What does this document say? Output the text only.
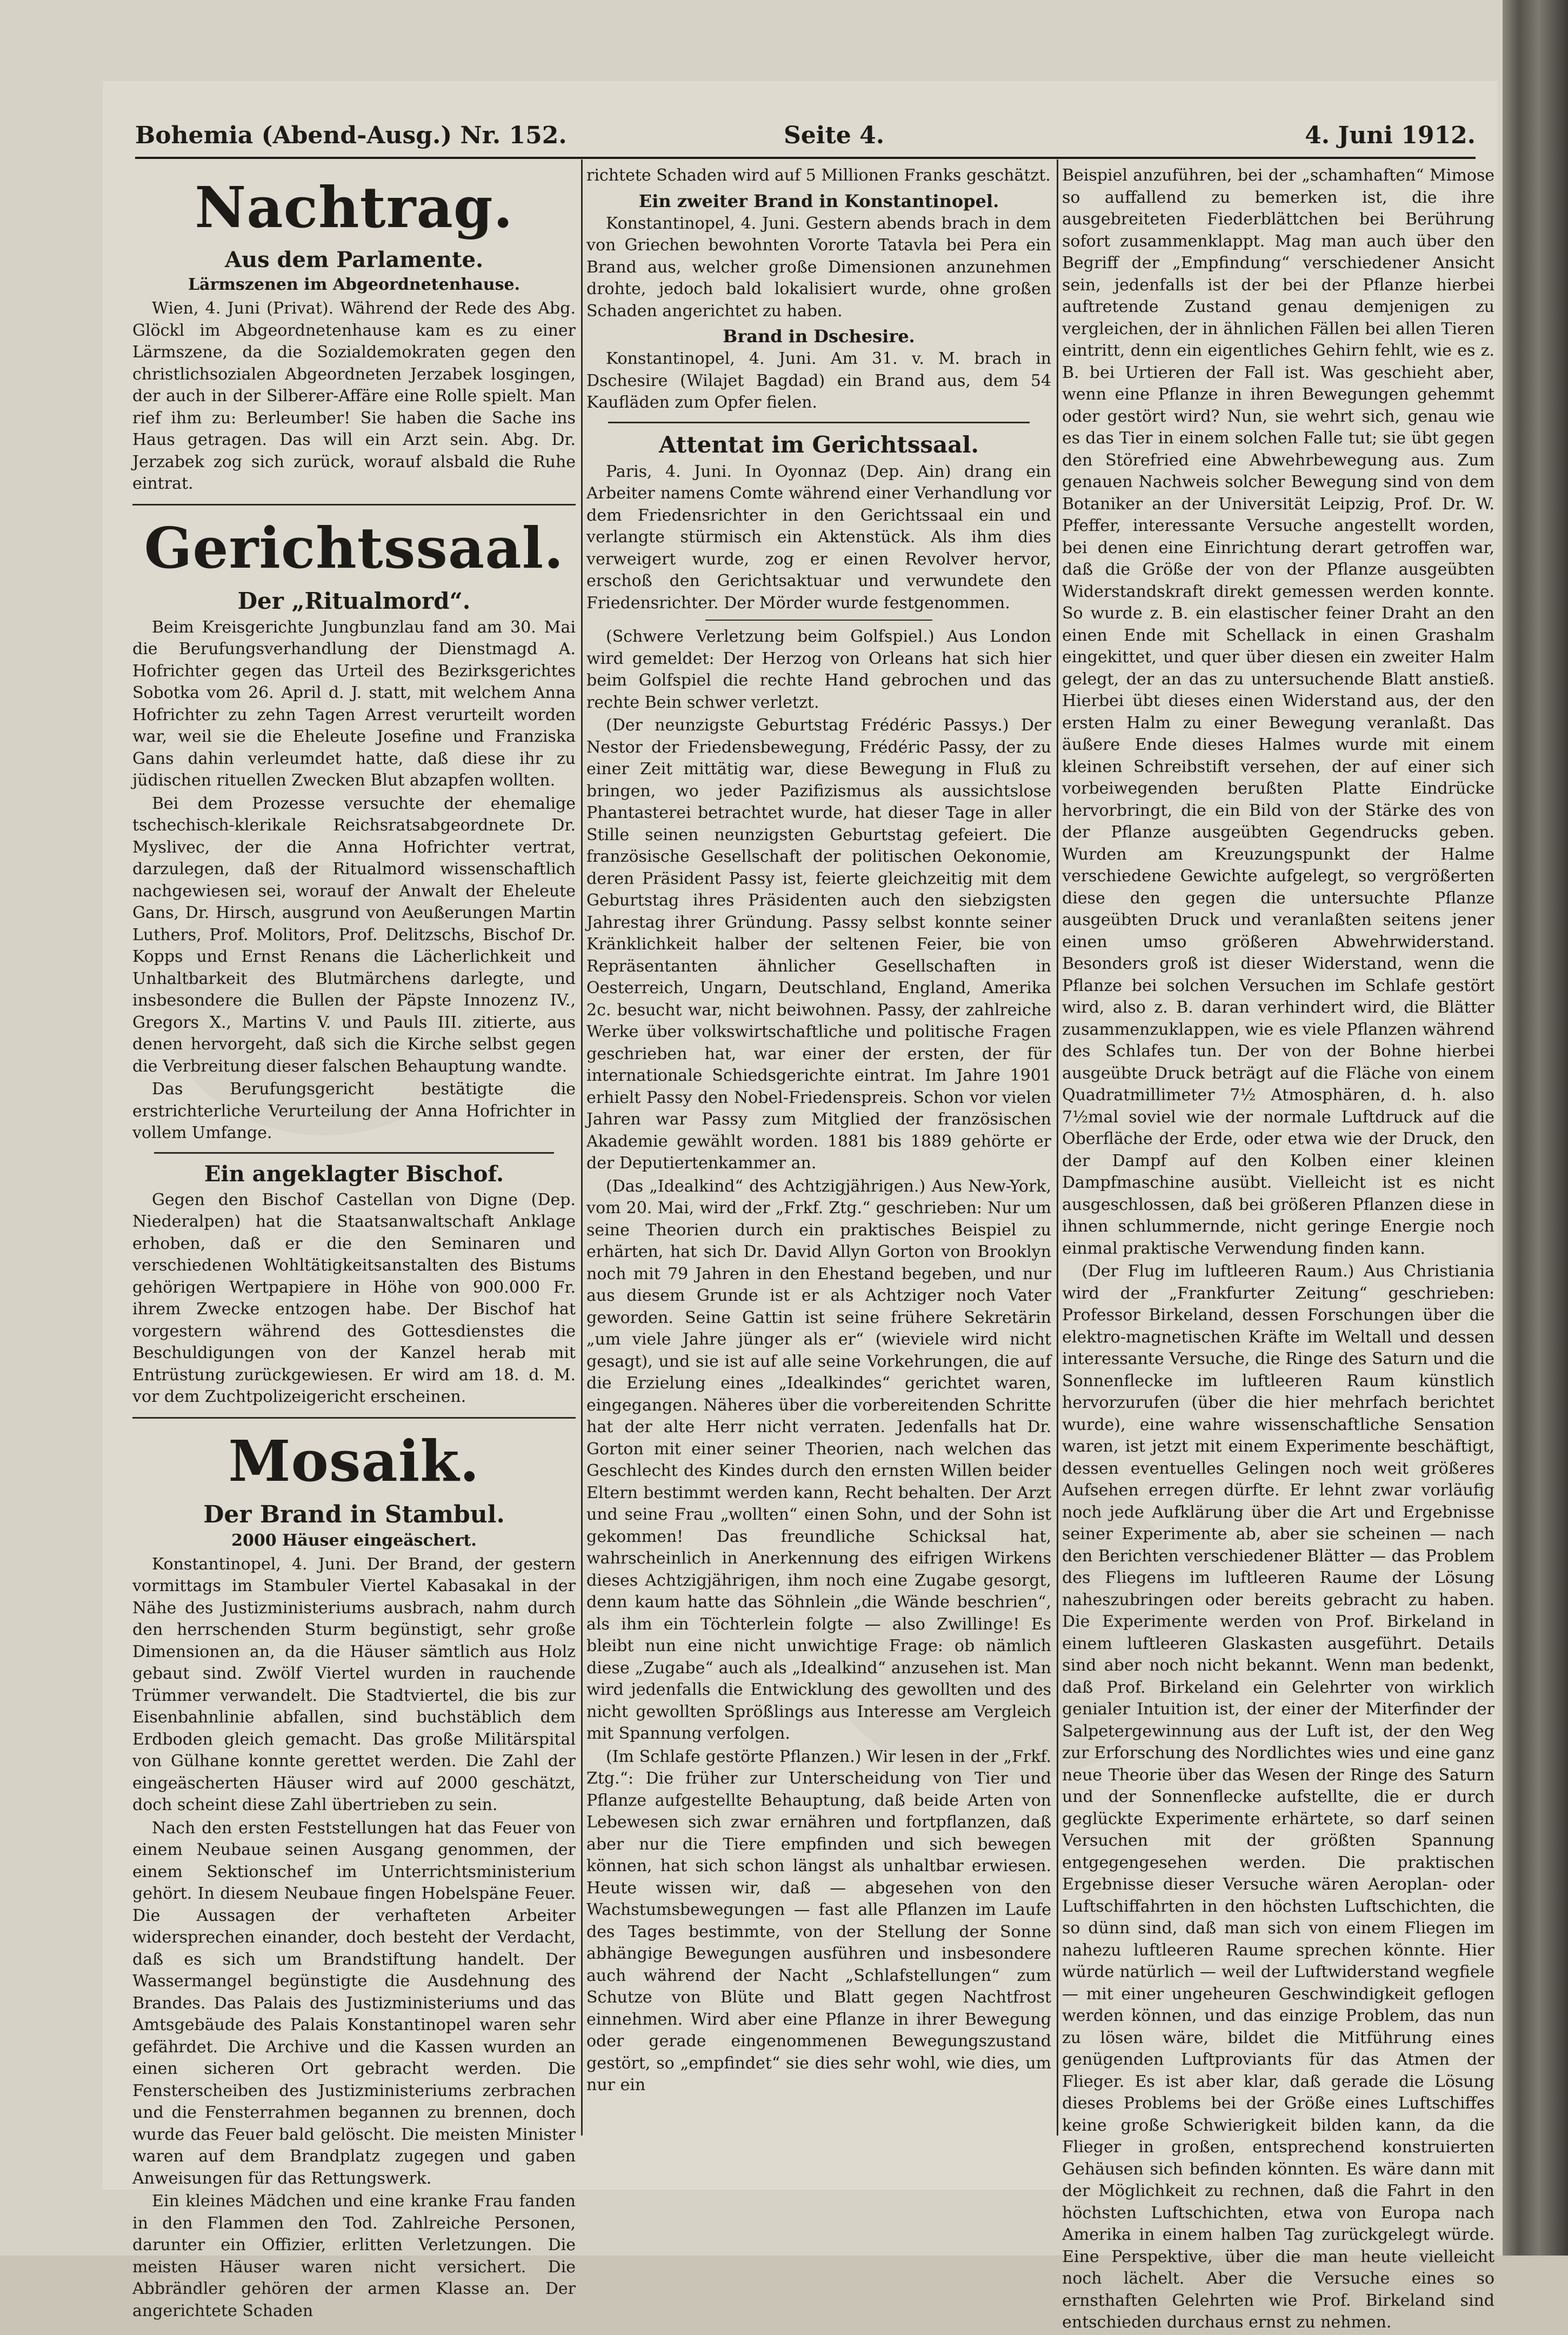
Bohemia (Abend-Ausg.) Nr. 152.	Seite 4.	4. Juni 1912.
Nachtrag.
Aus dem Parlamente.
Lärmszenen im Abgeordnetenhause.

Wien, 4. Juni (Privat). Während der Rede des Abg. Glöckl im Abgeordnetenhause kam es zu einer Lärmszene, da die Sozialdemokraten gegen den christlichsozialen Abgeordneten Jerzabek losgingen, der auch in der Silberer-Affäre eine Rolle spielt. Man rief ihm zu: Berleumber! Sie haben die Sache ins Haus getragen. Das will ein Arzt sein. Abg. Dr. Jerzabek zog sich zurück, worauf alsbald die Ruhe eintrat.

Gerichtssaal.
Der „Ritualmord“.

Beim Kreisgerichte Jungbunzlau fand am 30. Mai die Berufungsverhandlung der Dienstmagd A. Hofrichter gegen das Urteil des Bezirksgerichtes Sobotka vom 26. April d. J. statt, mit welchem Anna Hofrichter zu zehn Tagen Arrest verurteilt worden war, weil sie die Eheleute Josefine und Franziska Gans dahin verleumdet hatte, daß diese ihr zu jüdischen rituellen Zwecken Blut abzapfen wollten.

Bei dem Prozesse versuchte der ehemalige tschechisch-klerikale Reichsratsabgeordnete Dr. Myslivec, der die Anna Hofrichter vertrat, darzulegen, daß der Ritualmord wissenschaftlich nachgewiesen sei, worauf der Anwalt der Eheleute Gans, Dr. Hirsch, ausgrund von Aeußerungen Martin Luthers, Prof. Molitors, Prof. Delitzschs, Bischof Dr. Kopps und Ernst Renans die Lächerlichkeit und Unhaltbarkeit des Blutmärchens darlegte, und insbesondere die Bullen der Päpste Innozenz IV., Gregors X., Martins V. und Pauls III. zitierte, aus denen hervorgeht, daß sich die Kirche selbst gegen die Verbreitung dieser falschen Behauptung wandte.

Das Berufungsgericht bestätigte die erstrichterliche Verurteilung der Anna Hofrichter in vollem Umfange.

Ein angeklagter Bischof.

Gegen den Bischof Castellan von Digne (Dep. Niederalpen) hat die Staatsanwaltschaft Anklage erhoben, daß er die den Seminaren und verschiedenen Wohltätigkeitsanstalten des Bistums gehörigen Wertpapiere in Höhe von 900.000 Fr. ihrem Zwecke entzogen habe. Der Bischof hat vorgestern während des Gottesdienstes die Beschuldigungen von der Kanzel herab mit Entrüstung zurückgewiesen. Er wird am 18. d. M. vor dem Zuchtpolizeigericht erscheinen.

Mosaik.
Der Brand in Stambul.
2000 Häuser eingeäschert.

Konstantinopel, 4. Juni. Der Brand, der gestern vormittags im Stambuler Viertel Kabasakal in der Nähe des Justizministeriums ausbrach, nahm durch den herrschenden Sturm begünstigt, sehr große Dimensionen an, da die Häuser sämtlich aus Holz gebaut sind. Zwölf Viertel wurden in rauchende Trümmer verwandelt. Die Stadtviertel, die bis zur Eisenbahnlinie abfallen, sind buchstäblich dem Erdboden gleich gemacht. Das große Militärspital von Gülhane konnte gerettet werden. Die Zahl der eingeäscherten Häuser wird auf 2000 geschätzt, doch scheint diese Zahl übertrieben zu sein.

Nach den ersten Feststellungen hat das Feuer von einem Neubaue seinen Ausgang genommen, der einem Sektionschef im Unterrichtsministerium gehört. In diesem Neubaue fingen Hobelspäne Feuer. Die Aussagen der verhafteten Arbeiter widersprechen einander, doch besteht der Verdacht, daß es sich um Brandstiftung handelt. Der Wassermangel begünstigte die Ausdehnung des Brandes. Das Palais des Justizministeriums und das Amtsgebäude des Palais Konstantinopel waren sehr gefährdet. Die Archive und die Kassen wurden an einen sicheren Ort gebracht werden. Die Fensterscheiben des Justizministeriums zerbrachen und die Fensterrahmen begannen zu brennen, doch wurde das Feuer bald gelöscht. Die meisten Minister waren auf dem Brandplatz zugegen und gaben Anweisungen für das Rettungswerk.

Ein kleines Mädchen und eine kranke Frau fanden in den Flammen den Tod. Zahlreiche Personen, darunter ein Offizier, erlitten Verletzungen. Die meisten Häuser waren nicht versichert. Die Abbrändler gehören der armen Klasse an. Der angerichtete Schaden

richtete Schaden wird auf 5 Millionen Franks geschätzt.

Ein zweiter Brand in Konstantinopel.

Konstantinopel, 4. Juni. Gestern abends brach in dem von Griechen bewohnten Vororte Tatavla bei Pera ein Brand aus, welcher große Dimensionen anzunehmen drohte, jedoch bald lokalisiert wurde, ohne großen Schaden angerichtet zu haben.

Brand in Dschesire.

Konstantinopel, 4. Juni. Am 31. v. M. brach in Dschesire (Wilajet Bagdad) ein Brand aus, dem 54 Kaufläden zum Opfer fielen.

Attentat im Gerichtssaal.

Paris, 4. Juni. In Oyonnaz (Dep. Ain) drang ein Arbeiter namens Comte während einer Verhandlung vor dem Friedensrichter in den Gerichtssaal ein und verlangte stürmisch ein Aktenstück. Als ihm dies verweigert wurde, zog er einen Revolver hervor, erschoß den Gerichtsaktuar und verwundete den Friedensrichter. Der Mörder wurde festgenommen.

(Schwere Verletzung beim Golfspiel.) Aus London wird gemeldet: Der Herzog von Orleans hat sich hier beim Golfspiel die rechte Hand gebrochen und das rechte Bein schwer verletzt.

(Der neunzigste Geburtstag Frédéric Passys.) Der Nestor der Friedensbewegung, Frédéric Passy, der zu einer Zeit mittätig war, diese Bewegung in Fluß zu bringen, wo jeder Pazifizismus als aussichtslose Phantasterei betrachtet wurde, hat dieser Tage in aller Stille seinen neunzigsten Geburtstag gefeiert. Die französische Gesellschaft der politischen Oekonomie, deren Präsident Passy ist, feierte gleichzeitig mit dem Geburtstag ihres Präsidenten auch den siebzigsten Jahrestag ihrer Gründung. Passy selbst konnte seiner Kränklichkeit halber der seltenen Feier, bie von Repräsentanten ähnlicher Gesellschaften in Oesterreich, Ungarn, Deutschland, England, Amerika 2c. besucht war, nicht beiwohnen. Passy, der zahlreiche Werke über volkswirtschaftliche und politische Fragen geschrieben hat, war einer der ersten, der für internationale Schiedsgerichte eintrat. Im Jahre 1901 erhielt Passy den Nobel-Friedenspreis. Schon vor vielen Jahren war Passy zum Mitglied der französischen Akademie gewählt worden. 1881 bis 1889 gehörte er der Deputiertenkammer an.

(Das „Idealkind“ des Achtzigjährigen.) Aus New-York, vom 20. Mai, wird der „Frkf. Ztg.“ geschrieben: Nur um seine Theorien durch ein praktisches Beispiel zu erhärten, hat sich Dr. David Allyn Gorton von Brooklyn noch mit 79 Jahren in den Ehestand begeben, und nur aus diesem Grunde ist er als Achtziger noch Vater geworden. Seine Gattin ist seine frühere Sekretärin „um viele Jahre jünger als er“ (wieviele wird nicht gesagt), und sie ist auf alle seine Vorkehrungen, die auf die Erzielung eines „Idealkindes“ gerichtet waren, eingegangen. Näheres über die vorbereitenden Schritte hat der alte Herr nicht verraten. Jedenfalls hat Dr. Gorton mit einer seiner Theorien, nach welchen das Geschlecht des Kindes durch den ernsten Willen beider Eltern bestimmt werden kann, Recht behalten. Der Arzt und seine Frau „wollten“ einen Sohn, und der Sohn ist gekommen! Das freundliche Schicksal hat, wahrscheinlich in Anerkennung des eifrigen Wirkens dieses Achtzigjährigen, ihm noch eine Zugabe gesorgt, denn kaum hatte das Söhnlein „die Wände beschrien“, als ihm ein Töchterlein folgte — also Zwillinge! Es bleibt nun eine nicht unwichtige Frage: ob nämlich diese „Zugabe“ auch als „Idealkind“ anzusehen ist. Man wird jedenfalls die Entwicklung des gewollten und des nicht gewollten Sprößlings aus Interesse am Vergleich mit Spannung verfolgen.

(Im Schlafe gestörte Pflanzen.) Wir lesen in der „Frkf. Ztg.“: Die früher zur Unterscheidung von Tier und Pflanze aufgestellte Behauptung, daß beide Arten von Lebewesen sich zwar ernähren und fortpflanzen, daß aber nur die Tiere empfinden und sich bewegen können, hat sich schon längst als unhaltbar erwiesen. Heute wissen wir, daß — abgesehen von den Wachstumsbewegungen — fast alle Pflanzen im Laufe des Tages bestimmte, von der Stellung der Sonne abhängige Bewegungen ausführen und insbesondere auch während der Nacht „Schlafstellungen“ zum Schutze von Blüte und Blatt gegen Nachtfrost einnehmen. Wird aber eine Pflanze in ihrer Bewegung oder gerade eingenommenen Bewegungszustand gestört, so „empfindet“ sie dies sehr wohl, wie dies, um nur ein

Beispiel anzuführen, bei der „schamhaften“ Mimose so auffallend zu bemerken ist, die ihre ausgebreiteten Fiederblättchen bei Berührung sofort zusammenklappt. Mag man auch über den Begriff der „Empfindung“ verschiedener Ansicht sein, jedenfalls ist der bei der Pflanze hierbei auftretende Zustand genau demjenigen zu vergleichen, der in ähnlichen Fällen bei allen Tieren eintritt, denn ein eigentliches Gehirn fehlt, wie es z. B. bei Urtieren der Fall ist. Was geschieht aber, wenn eine Pflanze in ihren Bewegungen gehemmt oder gestört wird? Nun, sie wehrt sich, genau wie es das Tier in einem solchen Falle tut; sie übt gegen den Störefried eine Abwehrbewegung aus. Zum genauen Nachweis solcher Bewegung sind von dem Botaniker an der Universität Leipzig, Prof. Dr. W. Pfeffer, interessante Versuche angestellt worden, bei denen eine Einrichtung derart getroffen war, daß die Größe der von der Pflanze ausgeübten Widerstandskraft direkt gemessen werden konnte. So wurde z. B. ein elastischer feiner Draht an den einen Ende mit Schellack in einen Grashalm eingekittet, und quer über diesen ein zweiter Halm gelegt, der an das zu untersuchende Blatt anstieß. Hierbei übt dieses einen Widerstand aus, der den ersten Halm zu einer Bewegung veranlaßt. Das äußere Ende dieses Halmes wurde mit einem kleinen Schreibstift versehen, der auf einer sich vorbeiwegenden berußten Platte Eindrücke hervorbringt, die ein Bild von der Stärke des von der Pflanze ausgeübten Gegendrucks geben. Wurden am Kreuzungspunkt der Halme verschiedene Gewichte aufgelegt, so vergrößerten diese den gegen die untersuchte Pflanze ausgeübten Druck und veranlaßten seitens jener einen umso größeren Abwehrwiderstand. Besonders groß ist dieser Widerstand, wenn die Pflanze bei solchen Versuchen im Schlafe gestört wird, also z. B. daran verhindert wird, die Blätter zusammenzuklappen, wie es viele Pflanzen während des Schlafes tun. Der von der Bohne hierbei ausgeübte Druck beträgt auf die Fläche von einem Quadratmillimeter 7½ Atmosphären, d. h. also 7½mal soviel wie der normale Luftdruck auf die Oberfläche der Erde, oder etwa wie der Druck, den der Dampf auf den Kolben einer kleinen Dampfmaschine ausübt. Vielleicht ist es nicht ausgeschlossen, daß bei größeren Pflanzen diese in ihnen schlummernde, nicht geringe Energie noch einmal praktische Verwendung finden kann.

(Der Flug im luftleeren Raum.) Aus Christiania wird der „Frankfurter Zeitung“ geschrieben: Professor Birkeland, dessen Forschungen über die elektro-magnetischen Kräfte im Weltall und dessen interessante Versuche, die Ringe des Saturn und die Sonnenflecke im luftleeren Raum künstlich hervorzurufen (über die hier mehrfach berichtet wurde), eine wahre wissenschaftliche Sensation waren, ist jetzt mit einem Experimente beschäftigt, dessen eventuelles Gelingen noch weit größeres Aufsehen erregen dürfte. Er lehnt zwar vorläufig noch jede Aufklärung über die Art und Ergebnisse seiner Experimente ab, aber sie scheinen — nach den Berichten verschiedener Blätter — das Problem des Fliegens im luftleeren Raume der Lösung naheszubringen oder bereits gebracht zu haben. Die Experimente werden von Prof. Birkeland in einem luftleeren Glaskasten ausgeführt. Details sind aber noch nicht bekannt. Wenn man bedenkt, daß Prof. Birkeland ein Gelehrter von wirklich genialer Intuition ist, der einer der Miterfinder der Salpetergewinnung aus der Luft ist, der den Weg zur Erforschung des Nordlichtes wies und eine ganz neue Theorie über das Wesen der Ringe des Saturn und der Sonnenflecke aufstellte, die er durch geglückte Experimente erhärtete, so darf seinen Versuchen mit der größten Spannung entgegengesehen werden. Die praktischen Ergebnisse dieser Versuche wären Aeroplan- oder Luftschiffahrten in den höchsten Luftschichten, die so dünn sind, daß man sich von einem Fliegen im nahezu luftleeren Raume sprechen könnte. Hier würde natürlich — weil der Luftwiderstand wegfiele — mit einer ungeheuren Geschwindigkeit geflogen werden können, und das einzige Problem, das nun zu lösen wäre, bildet die Mitführung eines genügenden Luftproviants für das Atmen der Flieger. Es ist aber klar, daß gerade die Lösung dieses Problems bei der Größe eines Luftschiffes keine große Schwierigkeit bilden kann, da die Flieger in großen, entsprechend konstruierten Gehäusen sich befinden könnten. Es wäre dann mit der Möglichkeit zu rechnen, daß die Fahrt in den höchsten Luftschichten, etwa von Europa nach Amerika in einem halben Tag zurückgelegt würde. Eine Perspektive, über die man heute vielleicht noch lächelt. Aber die Versuche eines so ernsthaften Gelehrten wie Prof. Birkeland sind entschieden durchaus ernst zu nehmen.
